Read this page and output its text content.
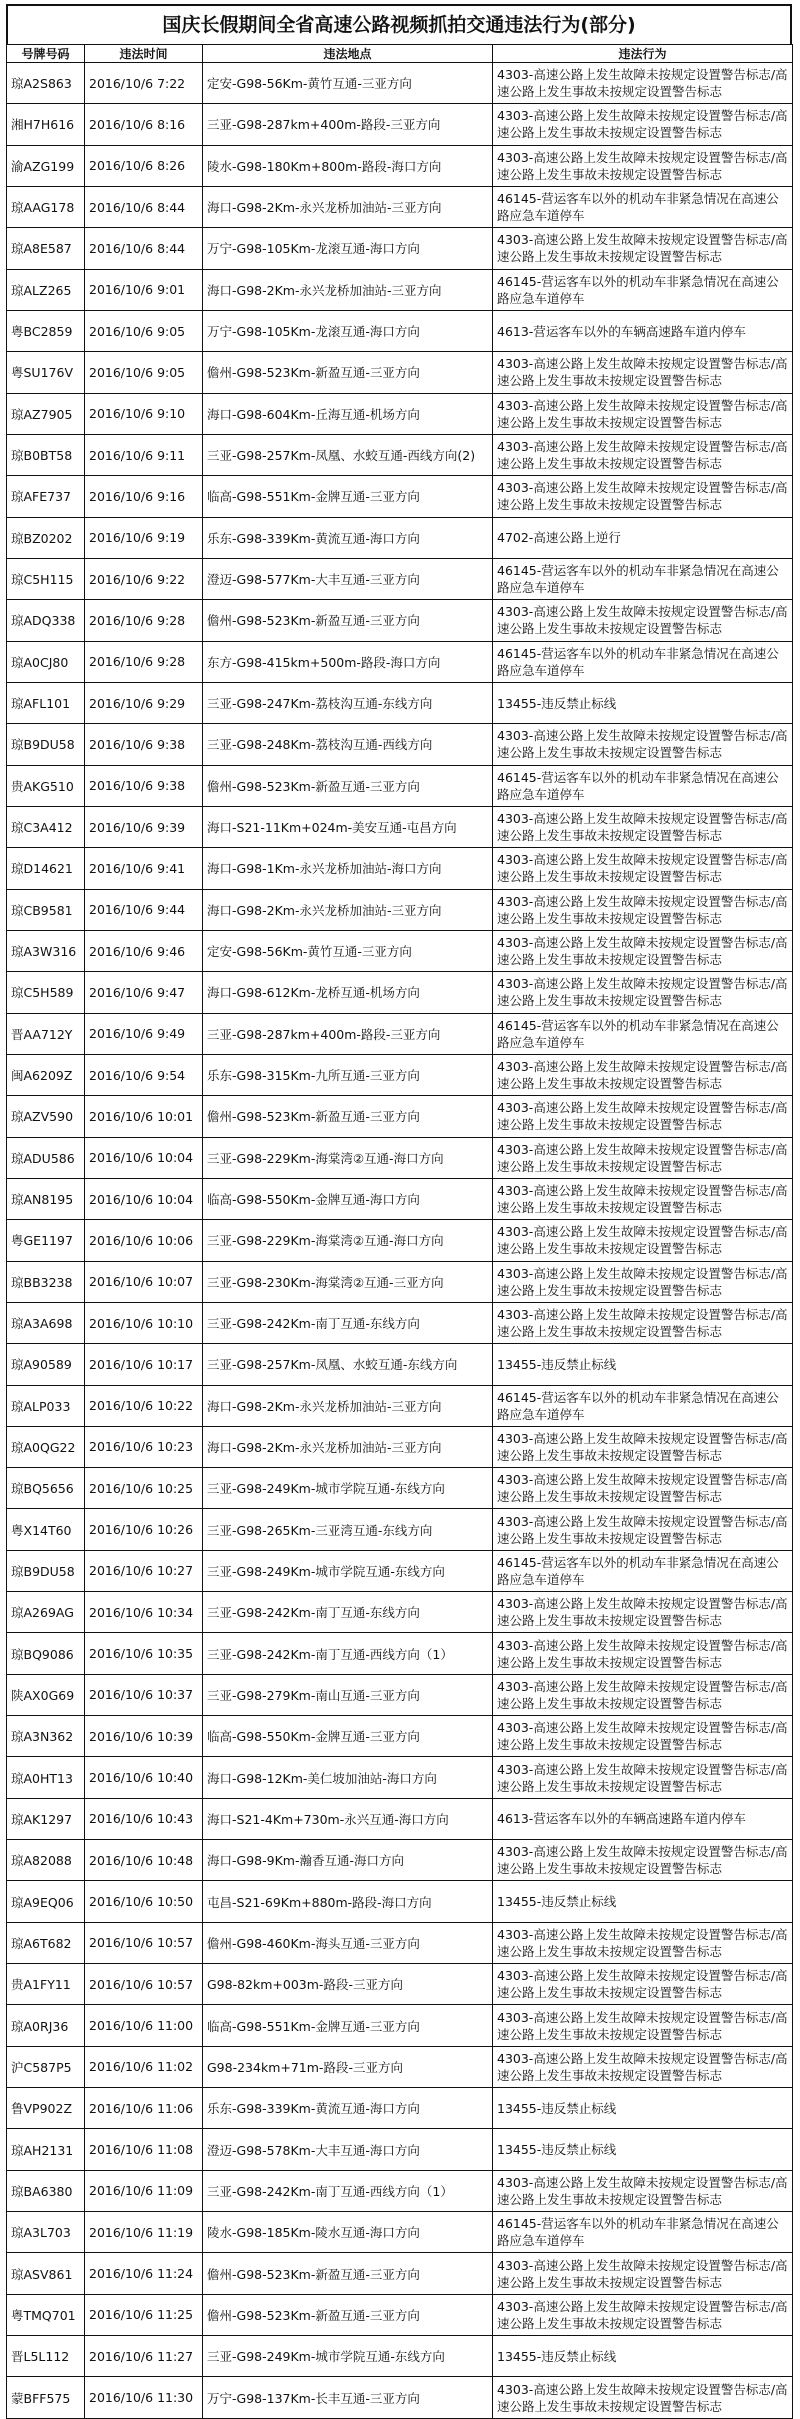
国庆长假期间全省高速公路视频抓拍交通违法行为(部分)
号牌号码	违法时间	违法地点	违法行为
琼A2S863	2016/10/6 7:22	定安-G98-56Km-黄竹互通-三亚方向	4303-高速公路上发生故障未按规定设置警告标志/高速公路上发生事故未按规定设置警告标志
湘H7H616	2016/10/6 8:16	三亚-G98-287km+400m-路段-三亚方向	4303-高速公路上发生故障未按规定设置警告标志/高速公路上发生事故未按规定设置警告标志
渝AZG199	2016/10/6 8:26	陵水-G98-180Km+800m-路段-海口方向	4303-高速公路上发生故障未按规定设置警告标志/高速公路上发生事故未按规定设置警告标志
琼AAG178	2016/10/6 8:44	海口-G98-2Km-永兴龙桥加油站-三亚方向	46145-营运客车以外的机动车非紧急情况在高速公路应急车道停车
琼A8E587	2016/10/6 8:44	万宁-G98-105Km-龙滚互通-海口方向	4303-高速公路上发生故障未按规定设置警告标志/高速公路上发生事故未按规定设置警告标志
琼ALZ265	2016/10/6 9:01	海口-G98-2Km-永兴龙桥加油站-三亚方向	46145-营运客车以外的机动车非紧急情况在高速公路应急车道停车
粤BC2859	2016/10/6 9:05	万宁-G98-105Km-龙滚互通-海口方向	4613-营运客车以外的车辆高速路车道内停车
粤SU176V	2016/10/6 9:05	儋州-G98-523Km-新盈互通-三亚方向	4303-高速公路上发生故障未按规定设置警告标志/高速公路上发生事故未按规定设置警告标志
琼AZ7905	2016/10/6 9:10	海口-G98-604Km-丘海互通-机场方向	4303-高速公路上发生故障未按规定设置警告标志/高速公路上发生事故未按规定设置警告标志
琼B0BT58	2016/10/6 9:11	三亚-G98-257Km-凤凰、水蛟互通-西线方向(2)	4303-高速公路上发生故障未按规定设置警告标志/高速公路上发生事故未按规定设置警告标志
琼AFE737	2016/10/6 9:16	临高-G98-551Km-金牌互通-三亚方向	4303-高速公路上发生故障未按规定设置警告标志/高速公路上发生事故未按规定设置警告标志
琼BZ0202	2016/10/6 9:19	乐东-G98-339Km-黄流互通-海口方向	4702-高速公路上逆行
琼C5H115	2016/10/6 9:22	澄迈-G98-577Km-大丰互通-三亚方向	46145-营运客车以外的机动车非紧急情况在高速公路应急车道停车
琼ADQ338	2016/10/6 9:28	儋州-G98-523Km-新盈互通-三亚方向	4303-高速公路上发生故障未按规定设置警告标志/高速公路上发生事故未按规定设置警告标志
琼A0CJ80	2016/10/6 9:28	东方-G98-415km+500m-路段-海口方向	46145-营运客车以外的机动车非紧急情况在高速公路应急车道停车
琼AFL101	2016/10/6 9:29	三亚-G98-247Km-荔枝沟互通-东线方向	13455-违反禁止标线
琼B9DU58	2016/10/6 9:38	三亚-G98-248Km-荔枝沟互通-西线方向	4303-高速公路上发生故障未按规定设置警告标志/高速公路上发生事故未按规定设置警告标志
贵AKG510	2016/10/6 9:38	儋州-G98-523Km-新盈互通-三亚方向	46145-营运客车以外的机动车非紧急情况在高速公路应急车道停车
琼C3A412	2016/10/6 9:39	海口-S21-11Km+024m-美安互通-屯昌方向	4303-高速公路上发生故障未按规定设置警告标志/高速公路上发生事故未按规定设置警告标志
琼D14621	2016/10/6 9:41	海口-G98-1Km-永兴龙桥加油站-海口方向	4303-高速公路上发生故障未按规定设置警告标志/高速公路上发生事故未按规定设置警告标志
琼CB9581	2016/10/6 9:44	海口-G98-2Km-永兴龙桥加油站-三亚方向	4303-高速公路上发生故障未按规定设置警告标志/高速公路上发生事故未按规定设置警告标志
琼A3W316	2016/10/6 9:46	定安-G98-56Km-黄竹互通-三亚方向	4303-高速公路上发生故障未按规定设置警告标志/高速公路上发生事故未按规定设置警告标志
琼C5H589	2016/10/6 9:47	海口-G98-612Km-龙桥互通-机场方向	4303-高速公路上发生故障未按规定设置警告标志/高速公路上发生事故未按规定设置警告标志
晋AA712Y	2016/10/6 9:49	三亚-G98-287km+400m-路段-三亚方向	46145-营运客车以外的机动车非紧急情况在高速公路应急车道停车
闽A6209Z	2016/10/6 9:54	乐东-G98-315Km-九所互通-三亚方向	4303-高速公路上发生故障未按规定设置警告标志/高速公路上发生事故未按规定设置警告标志
琼AZV590	2016/10/6 10:01	儋州-G98-523Km-新盈互通-三亚方向	4303-高速公路上发生故障未按规定设置警告标志/高速公路上发生事故未按规定设置警告标志
琼ADU586	2016/10/6 10:04	三亚-G98-229Km-海棠湾②互通-海口方向	4303-高速公路上发生故障未按规定设置警告标志/高速公路上发生事故未按规定设置警告标志
琼AN8195	2016/10/6 10:04	临高-G98-550Km-金牌互通-海口方向	4303-高速公路上发生故障未按规定设置警告标志/高速公路上发生事故未按规定设置警告标志
粤GE1197	2016/10/6 10:06	三亚-G98-229Km-海棠湾②互通-海口方向	4303-高速公路上发生故障未按规定设置警告标志/高速公路上发生事故未按规定设置警告标志
琼BB3238	2016/10/6 10:07	三亚-G98-230Km-海棠湾②互通-三亚方向	4303-高速公路上发生故障未按规定设置警告标志/高速公路上发生事故未按规定设置警告标志
琼A3A698	2016/10/6 10:10	三亚-G98-242Km-南丁互通-东线方向	4303-高速公路上发生故障未按规定设置警告标志/高速公路上发生事故未按规定设置警告标志
琼A90589	2016/10/6 10:17	三亚-G98-257Km-凤凰、水蛟互通-东线方向	13455-违反禁止标线
琼ALP033	2016/10/6 10:22	海口-G98-2Km-永兴龙桥加油站-三亚方向	46145-营运客车以外的机动车非紧急情况在高速公路应急车道停车
琼A0QG22	2016/10/6 10:23	海口-G98-2Km-永兴龙桥加油站-三亚方向	4303-高速公路上发生故障未按规定设置警告标志/高速公路上发生事故未按规定设置警告标志
琼BQ5656	2016/10/6 10:25	三亚-G98-249Km-城市学院互通-东线方向	4303-高速公路上发生故障未按规定设置警告标志/高速公路上发生事故未按规定设置警告标志
粤X14T60	2016/10/6 10:26	三亚-G98-265Km-三亚湾互通-东线方向	4303-高速公路上发生故障未按规定设置警告标志/高速公路上发生事故未按规定设置警告标志
琼B9DU58	2016/10/6 10:27	三亚-G98-249Km-城市学院互通-东线方向	46145-营运客车以外的机动车非紧急情况在高速公路应急车道停车
琼A269AG	2016/10/6 10:34	三亚-G98-242Km-南丁互通-东线方向	4303-高速公路上发生故障未按规定设置警告标志/高速公路上发生事故未按规定设置警告标志
琼BQ9086	2016/10/6 10:35	三亚-G98-242Km-南丁互通-西线方向（1）	4303-高速公路上发生故障未按规定设置警告标志/高速公路上发生事故未按规定设置警告标志
陕AX0G69	2016/10/6 10:37	三亚-G98-279Km-南山互通-三亚方向	4303-高速公路上发生故障未按规定设置警告标志/高速公路上发生事故未按规定设置警告标志
琼A3N362	2016/10/6 10:39	临高-G98-550Km-金牌互通-三亚方向	4303-高速公路上发生故障未按规定设置警告标志/高速公路上发生事故未按规定设置警告标志
琼A0HT13	2016/10/6 10:40	海口-G98-12Km-美仁坡加油站-海口方向	4303-高速公路上发生故障未按规定设置警告标志/高速公路上发生事故未按规定设置警告标志
琼AK1297	2016/10/6 10:43	海口-S21-4Km+730m-永兴互通-海口方向	4613-营运客车以外的车辆高速路车道内停车
琼A82088	2016/10/6 10:48	海口-G98-9Km-瀚香互通-海口方向	4303-高速公路上发生故障未按规定设置警告标志/高速公路上发生事故未按规定设置警告标志
琼A9EQ06	2016/10/6 10:50	屯昌-S21-69Km+880m-路段-海口方向	13455-违反禁止标线
琼A6T682	2016/10/6 10:57	儋州-G98-460Km-海头互通-三亚方向	4303-高速公路上发生故障未按规定设置警告标志/高速公路上发生事故未按规定设置警告标志
贵A1FY11	2016/10/6 10:57	G98-82km+003m-路段-三亚方向	4303-高速公路上发生故障未按规定设置警告标志/高速公路上发生事故未按规定设置警告标志
琼A0RJ36	2016/10/6 11:00	临高-G98-551Km-金牌互通-三亚方向	4303-高速公路上发生故障未按规定设置警告标志/高速公路上发生事故未按规定设置警告标志
沪C587P5	2016/10/6 11:02	G98-234km+71m-路段-三亚方向	4303-高速公路上发生故障未按规定设置警告标志/高速公路上发生事故未按规定设置警告标志
鲁VP902Z	2016/10/6 11:06	乐东-G98-339Km-黄流互通-海口方向	13455-违反禁止标线
琼AH2131	2016/10/6 11:08	澄迈-G98-578Km-大丰互通-海口方向	13455-违反禁止标线
琼BA6380	2016/10/6 11:09	三亚-G98-242Km-南丁互通-西线方向（1）	4303-高速公路上发生故障未按规定设置警告标志/高速公路上发生事故未按规定设置警告标志
琼A3L703	2016/10/6 11:19	陵水-G98-185Km-陵水互通-海口方向	46145-营运客车以外的机动车非紧急情况在高速公路应急车道停车
琼ASV861	2016/10/6 11:24	儋州-G98-523Km-新盈互通-三亚方向	4303-高速公路上发生故障未按规定设置警告标志/高速公路上发生事故未按规定设置警告标志
粤TMQ701	2016/10/6 11:25	儋州-G98-523Km-新盈互通-三亚方向	4303-高速公路上发生故障未按规定设置警告标志/高速公路上发生事故未按规定设置警告标志
晋L5L112	2016/10/6 11:27	三亚-G98-249Km-城市学院互通-东线方向	13455-违反禁止标线
蒙BFF575	2016/10/6 11:30	万宁-G98-137Km-长丰互通-三亚方向	4303-高速公路上发生故障未按规定设置警告标志/高速公路上发生事故未按规定设置警告标志
